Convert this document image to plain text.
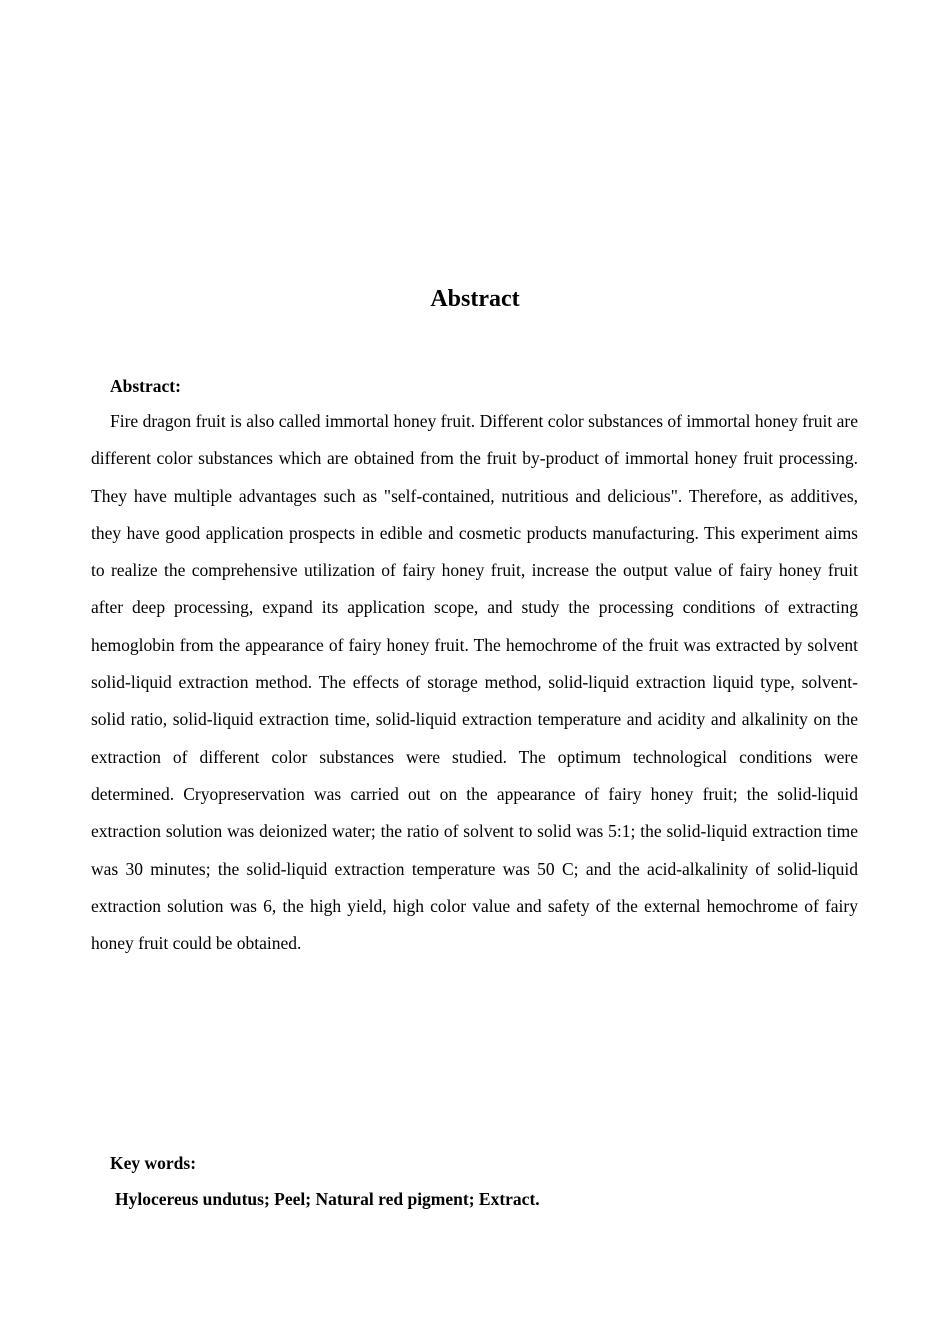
Abstract
Abstract:

Fire dragon fruit is also called immortal honey fruit. Different color substances of immortal honey fruit are different color substances which are obtained from the fruit by-product of immortal honey fruit processing. They have multiple advantages such as "self-contained, nutritious and delicious". Therefore, as additives, they have good application prospects in edible and cosmetic products manufacturing. This experiment aims to realize the comprehensive utilization of fairy honey fruit, increase the output value of fairy honey fruit after deep processing, expand its application scope, and study the processing conditions of extracting hemoglobin from the appearance of fairy honey fruit. The hemochrome of the fruit was extracted by solvent solid-liquid extraction method. The effects of storage method, solid-liquid extraction liquid type, solvent-solid ratio, solid-liquid extraction time, solid-liquid extraction temperature and acidity and alkalinity on the extraction of different color substances were studied. The optimum technological conditions were determined. Cryopreservation was carried out on the appearance of fairy honey fruit; the solid-liquid extraction solution was deionized water; the ratio of solvent to solid was 5:1; the solid-liquid extraction time was 30 minutes; the solid-liquid extraction temperature was 50 C; and the acid-alkalinity of solid-liquid extraction solution was 6, the high yield, high color value and safety of the external hemochrome of fairy honey fruit could be obtained.

Key words:
Hylocereus undutus; Peel; Natural red pigment; Extract.
